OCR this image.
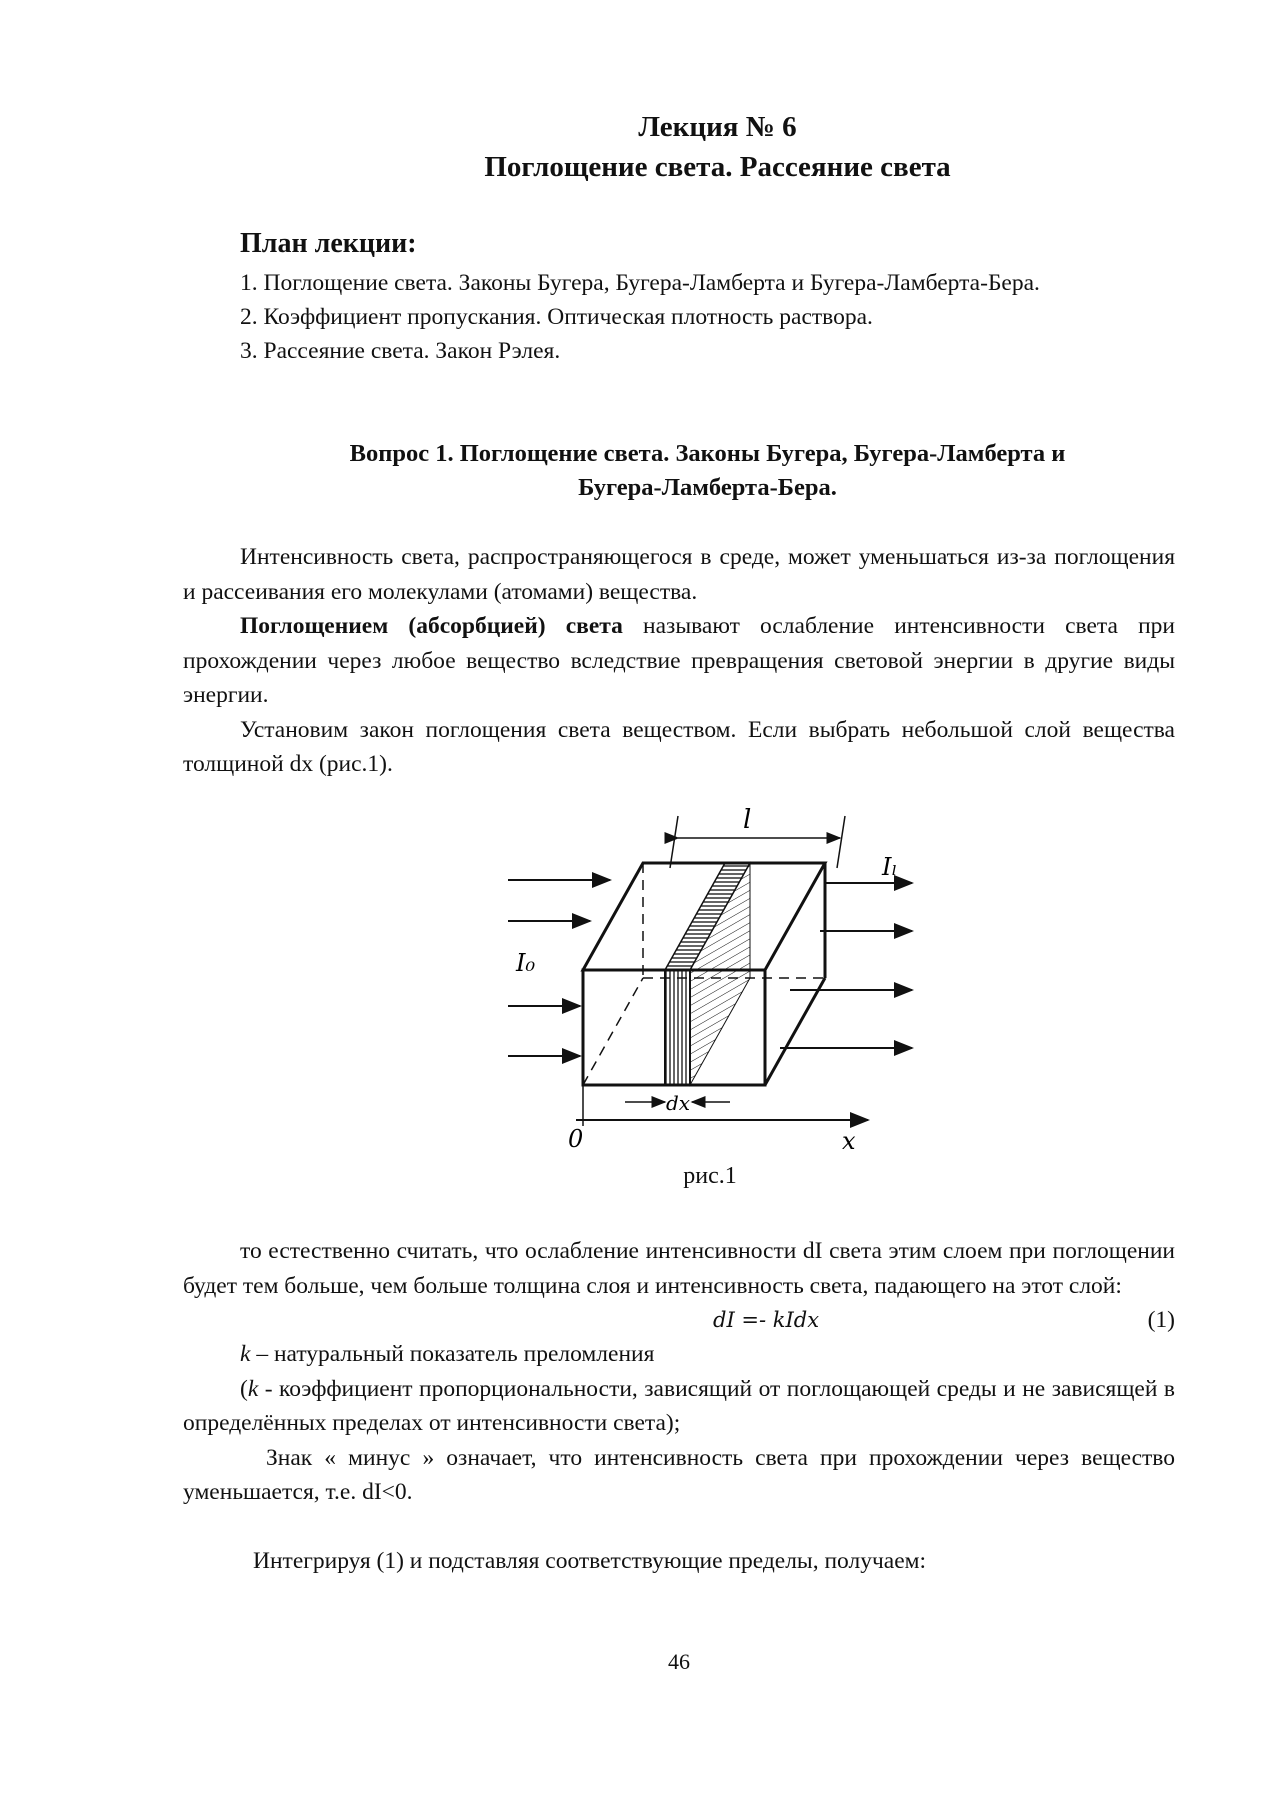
Лекция № 6
Поглощение света. Рассеяние света
План лекции:
1. Поглощение света. Законы Бугера, Бугера-Ламберта и Бугера-Ламберта-Бера.
2. Коэффициент пропускания. Оптическая плотность раствора.
3. Рассеяние света. Закон Рэлея.
Вопрос 1. Поглощение света. Законы Бугера, Бугера-Ламберта и
Бугера-Ламберта-Бера.

Интенсивность света, распространяющегося в среде, может уменьшаться из-за поглощения и рассеивания его молекулами (атомами) вещества.

Поглощением (абсорбцией) света называют ослабление интенсивности света при прохождении через любое вещество вследствие превращения световой энергии в другие виды энергии.

Установим закон поглощения света веществом. Если выбрать небольшой слой вещества толщиной dx (рис.1).

l
I₀
Iₗ
dx
0	x
рис.1

то естественно считать, что ослабление интенсивности dI света этим слоем при поглощении будет тем больше, чем больше толщина слоя и интенсивность света, падающего на этот слой:

dI =- kIdx	(1)

k – натуральный показатель преломления

(k - коэффициент пропорциональности, зависящий от поглощающей среды и не зависящей в определённых пределах от интенсивности света);

Знак « минус » означает, что интенсивность света при прохождении через вещество уменьшается, т.е. dI<0.

Интегрируя (1) и подставляя соответствующие пределы, получаем:

46
